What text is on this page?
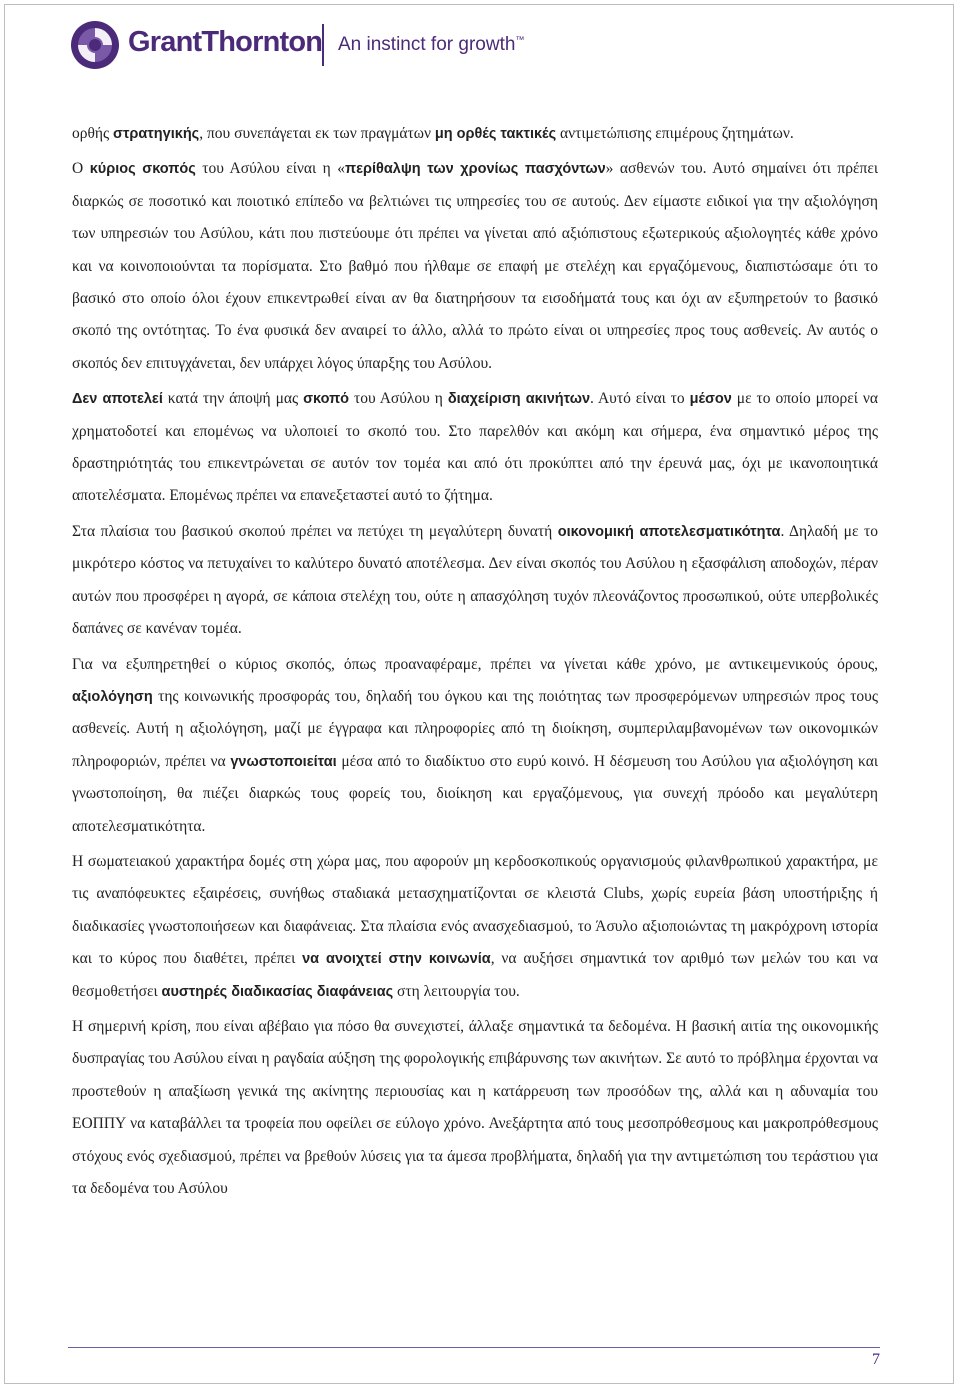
GrantThornton An instinct for growth™

ορθής στρατηγικής, που συνεπάγεται εκ των πραγμάτων μη ορθές τακτικές αντιμετώπισης επιμέρους ζητημάτων.

Ο κύριος σκοπός του Ασύλου είναι η «περίθαλψη των χρονίως πασχόντων» ασθενών του. Αυτό σημαίνει ότι πρέπει διαρκώς σε ποσοτικό και ποιοτικό επίπεδο να βελτιώνει τις υπηρεσίες του σε αυτούς. Δεν είμαστε ειδικοί για την αξιολόγηση των υπηρεσιών του Ασύλου, κάτι που πιστεύουμε ότι πρέπει να γίνεται από αξιόπιστους εξωτερικούς αξιολογητές κάθε χρόνο και να κοινοποιούνται τα πορίσματα. Στο βαθμό που ήλθαμε σε επαφή με στελέχη και εργαζόμενους, διαπιστώσαμε ότι το βασικό στο οποίο όλοι έχουν επικεντρωθεί είναι αν θα διατηρήσουν τα εισοδήματά τους και όχι αν εξυπηρετούν το βασικό σκοπό της οντότητας. Το ένα φυσικά δεν αναιρεί το άλλο, αλλά το πρώτο είναι οι υπηρεσίες προς τους ασθενείς. Αν αυτός ο σκοπός δεν επιτυγχάνεται, δεν υπάρχει λόγος ύπαρξης του Ασύλου.

Δεν αποτελεί κατά την άποψή μας σκοπό του Ασύλου η διαχείριση ακινήτων. Αυτό είναι το μέσον με το οποίο μπορεί να χρηματοδοτεί και επομένως να υλοποιεί το σκοπό του. Στο παρελθόν και ακόμη και σήμερα, ένα σημαντικό μέρος της δραστηριότητάς του επικεντρώνεται σε αυτόν τον τομέα και από ότι προκύπτει από την έρευνά μας, όχι με ικανοποιητικά αποτελέσματα. Επομένως πρέπει να επανεξεταστεί αυτό το ζήτημα.

Στα πλαίσια του βασικού σκοπού πρέπει να πετύχει τη μεγαλύτερη δυνατή οικονομική αποτελεσματικότητα. Δηλαδή με το μικρότερο κόστος να πετυχαίνει το καλύτερο δυνατό αποτέλεσμα. Δεν είναι σκοπός του Ασύλου η εξασφάλιση αποδοχών, πέραν αυτών που προσφέρει η αγορά, σε κάποια στελέχη του, ούτε η απασχόληση τυχόν πλεονάζοντος προσωπικού, ούτε υπερβολικές δαπάνες σε κανέναν τομέα.

Για να εξυπηρετηθεί ο κύριος σκοπός, όπως προαναφέραμε, πρέπει να γίνεται κάθε χρόνο, με αντικειμενικούς όρους, αξιολόγηση της κοινωνικής προσφοράς του, δηλαδή του όγκου και της ποιότητας των προσφερόμενων υπηρεσιών προς τους ασθενείς. Αυτή η αξιολόγηση, μαζί με έγγραφα και πληροφορίες από τη διοίκηση, συμπεριλαμβανομένων των οικονομικών πληροφοριών, πρέπει να γνωστοποιείται μέσα από το διαδίκτυο στο ευρύ κοινό. Η δέσμευση του Ασύλου για αξιολόγηση και γνωστοποίηση, θα πιέζει διαρκώς τους φορείς του, διοίκηση και εργαζόμενους, για συνεχή πρόοδο και μεγαλύτερη αποτελεσματικότητα.

Η σωματειακού χαρακτήρα δομές στη χώρα μας, που αφορούν μη κερδοσκοπικούς οργανισμούς φιλανθρωπικού χαρακτήρα, με τις αναπόφευκτες εξαιρέσεις, συνήθως σταδιακά μετασχηματίζονται σε κλειστά Clubs, χωρίς ευρεία βάση υποστήριξης ή διαδικασίες γνωστοποιήσεων και διαφάνειας. Στα πλαίσια ενός ανασχεδιασμού, το Άσυλο αξιοποιώντας τη μακρόχρονη ιστορία και το κύρος που διαθέτει, πρέπει να ανοιχτεί στην κοινωνία, να αυξήσει σημαντικά τον αριθμό των μελών του και να θεσμοθετήσει αυστηρές διαδικασίας διαφάνειας στη λειτουργία του.

Η σημερινή κρίση, που είναι αβέβαιο για πόσο θα συνεχιστεί, άλλαξε σημαντικά τα δεδομένα. Η βασική αιτία της οικονομικής δυσπραγίας του Ασύλου είναι η ραγδαία αύξηση της φορολογικής επιβάρυνσης των ακινήτων. Σε αυτό το πρόβλημα έρχονται να προστεθούν η απαξίωση γενικά της ακίνητης περιουσίας και η κατάρρευση των προσόδων της, αλλά και η αδυναμία του ΕΟΠΠΥ να καταβάλλει τα τροφεία που οφείλει σε εύλογο χρόνο. Ανεξάρτητα από τους μεσοπρόθεσμους και μακροπρόθεσμους στόχους ενός σχεδιασμού, πρέπει να βρεθούν λύσεις για τα άμεσα προβλήματα, δηλαδή για την αντιμετώπιση του τεράστιου για τα δεδομένα του Ασύλου

7
